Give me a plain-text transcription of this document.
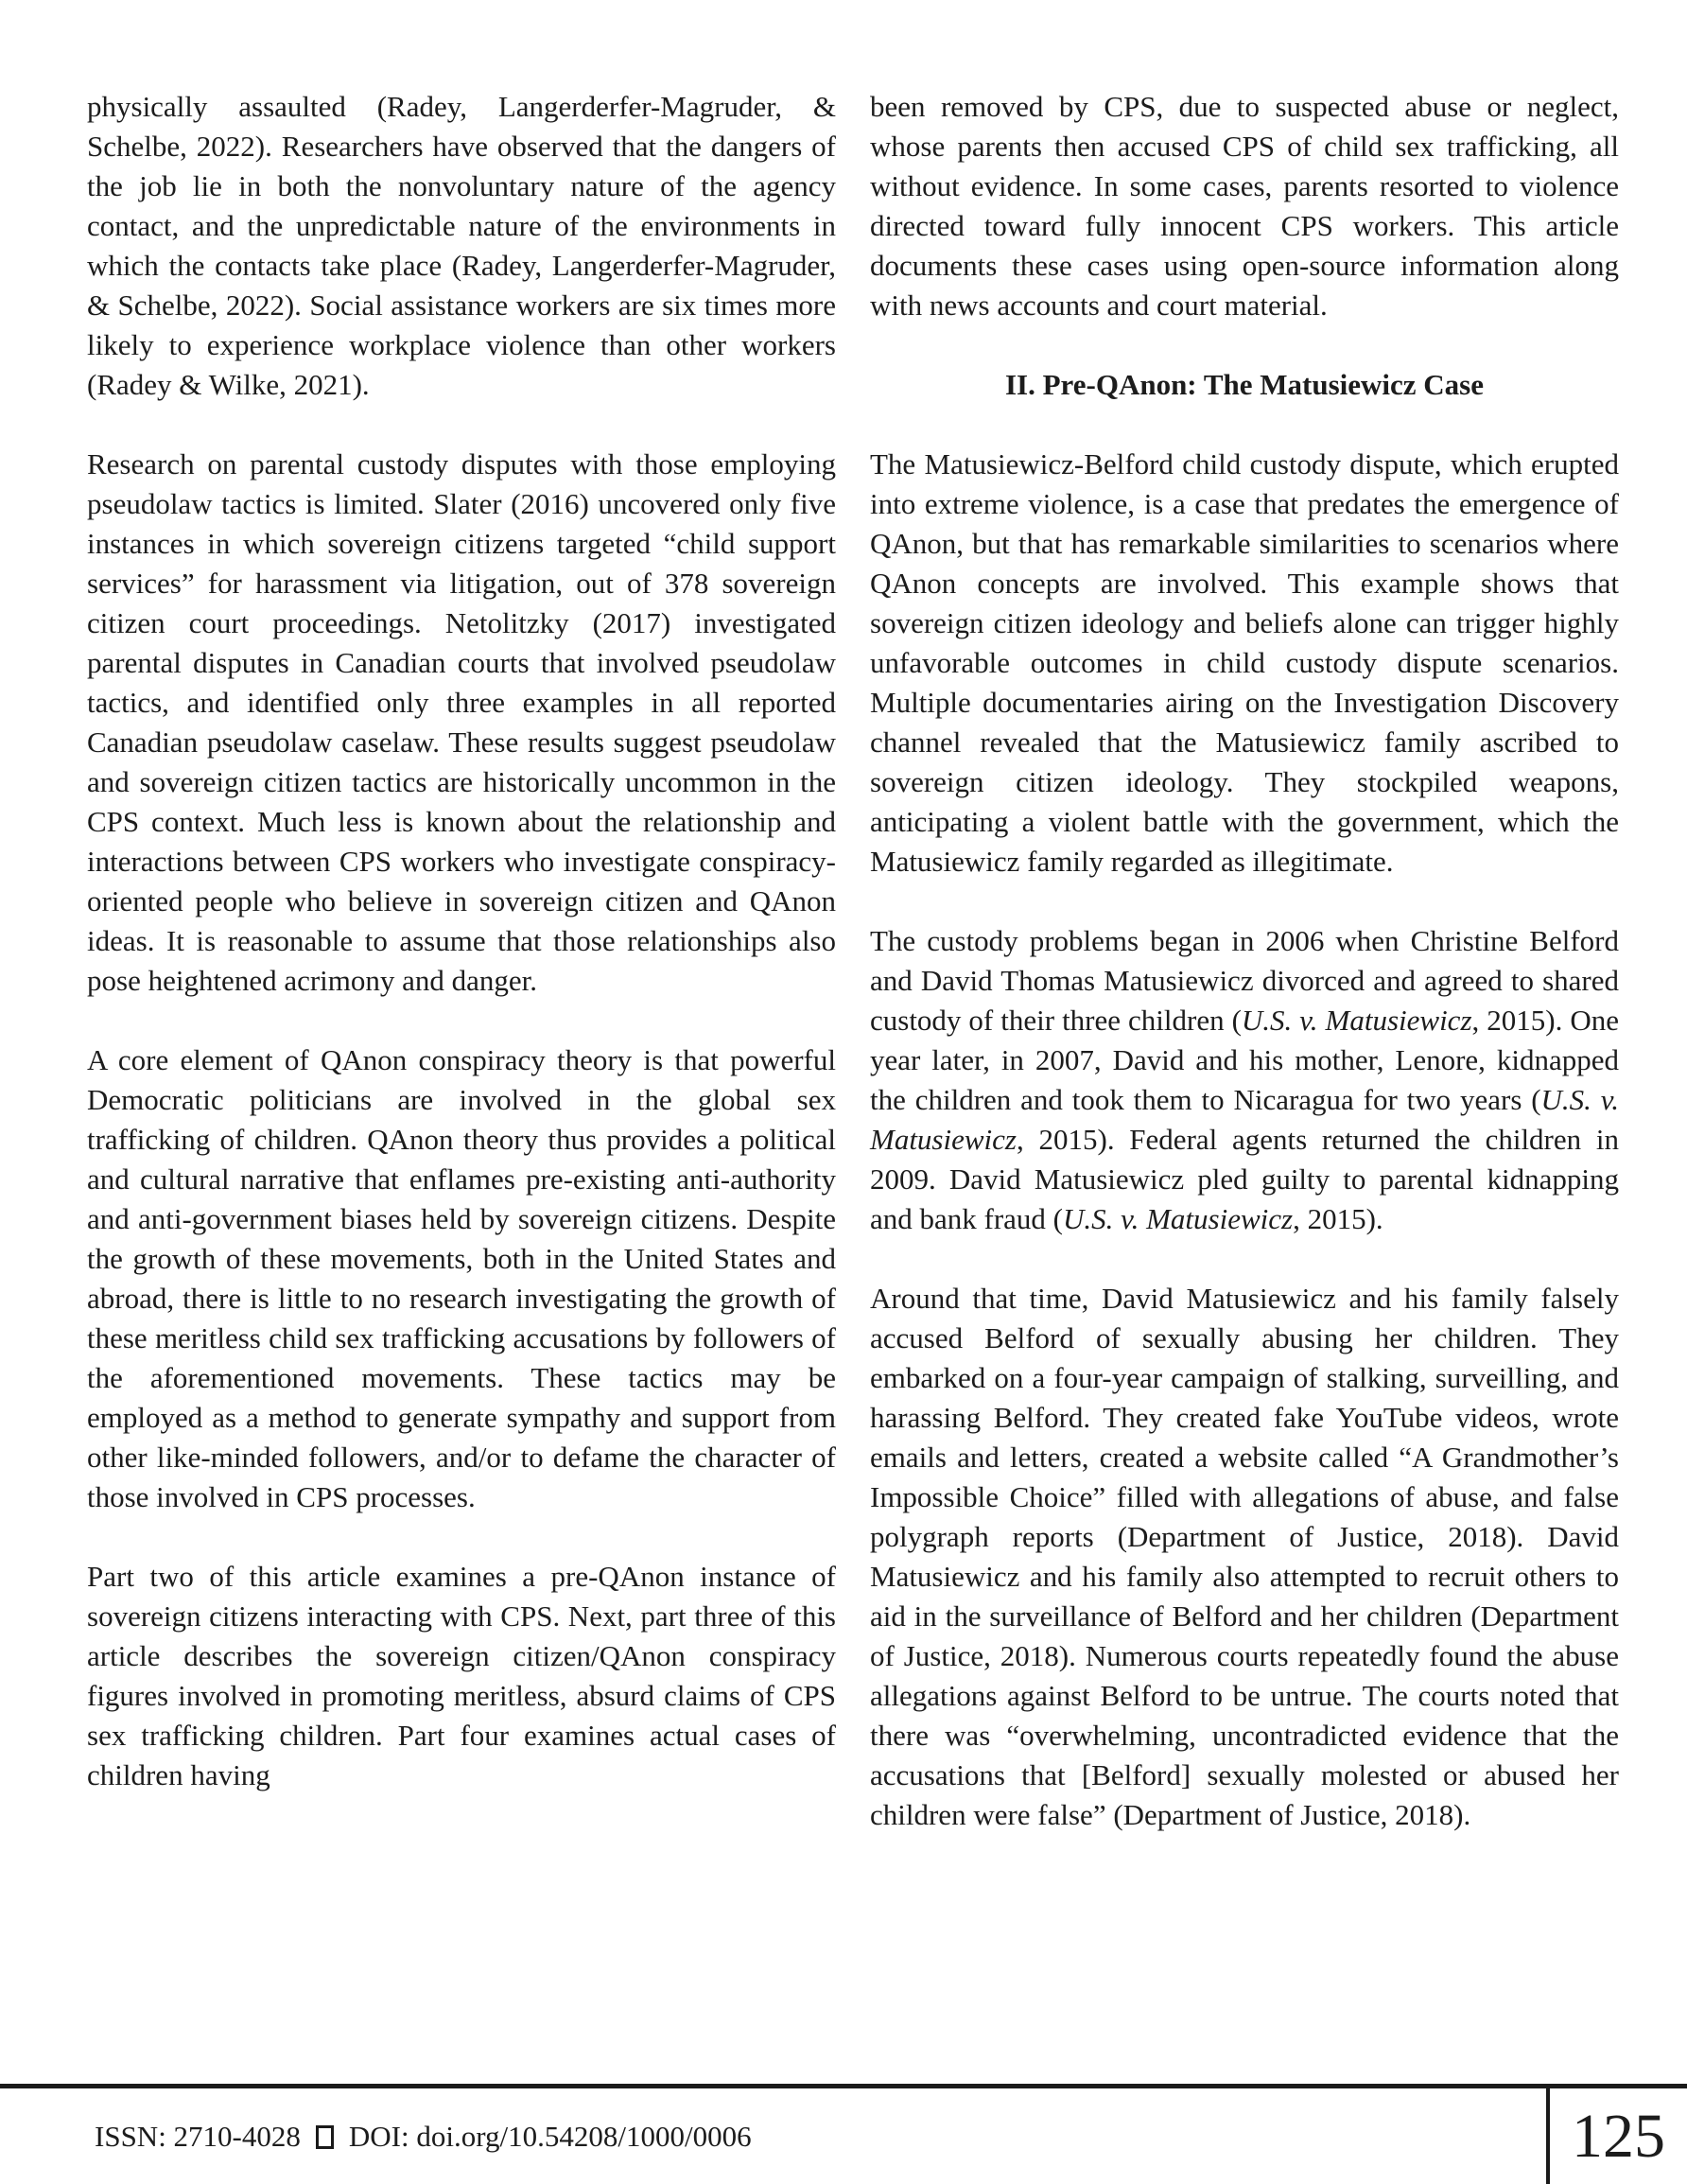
physically assaulted (Radey, Langerderfer-Magruder, & Schelbe, 2022). Researchers have observed that the dangers of the job lie in both the nonvoluntary nature of the agency contact, and the unpredictable nature of the environments in which the contacts take place (Radey, Langerderfer-Magruder, & Schelbe, 2022). Social assistance workers are six times more likely to experience workplace violence than other workers (Radey & Wilke, 2021).

Research on parental custody disputes with those employing pseudolaw tactics is limited. Slater (2016) uncovered only five instances in which sovereign citizens targeted “child support services” for harassment via litigation, out of 378 sovereign citizen court proceedings. Netolitzky (2017) investigated parental disputes in Canadian courts that involved pseudolaw tactics, and identified only three examples in all reported Canadian pseudolaw caselaw. These results suggest pseudolaw and sovereign citizen tactics are historically uncommon in the CPS context. Much less is known about the relationship and interactions between CPS workers who investigate conspiracy-oriented people who believe in sovereign citizen and QAnon ideas. It is reasonable to assume that those relationships also pose heightened acrimony and danger.

A core element of QAnon conspiracy theory is that powerful Democratic politicians are involved in the global sex trafficking of children. QAnon theory thus provides a political and cultural narrative that enflames pre-existing anti-authority and anti-government biases held by sovereign citizens. Despite the growth of these movements, both in the United States and abroad, there is little to no research investigating the growth of these meritless child sex trafficking accusations by followers of the aforementioned movements. These tactics may be employed as a method to generate sympathy and support from other like-minded followers, and/or to defame the character of those involved in CPS processes.

Part two of this article examines a pre-QAnon instance of sovereign citizens interacting with CPS. Next, part three of this article describes the sovereign citizen/QAnon conspiracy figures involved in promoting meritless, absurd claims of CPS sex trafficking children. Part four examines actual cases of children having

been removed by CPS, due to suspected abuse or neglect, whose parents then accused CPS of child sex trafficking, all without evidence. In some cases, parents resorted to violence directed toward fully innocent CPS workers. This article documents these cases using open-source information along with news accounts and court material.

II. Pre-QAnon: The Matusiewicz Case

The Matusiewicz-Belford child custody dispute, which erupted into extreme violence, is a case that predates the emergence of QAnon, but that has remarkable similarities to scenarios where QAnon concepts are involved. This example shows that sovereign citizen ideology and beliefs alone can trigger highly unfavorable outcomes in child custody dispute scenarios. Multiple documentaries airing on the Investigation Discovery channel revealed that the Matusiewicz family ascribed to sovereign citizen ideology. They stockpiled weapons, anticipating a violent battle with the government, which the Matusiewicz family regarded as illegitimate.

The custody problems began in 2006 when Christine Belford and David Thomas Matusiewicz divorced and agreed to shared custody of their three children (U.S. v. Matusiewicz, 2015). One year later, in 2007, David and his mother, Lenore, kidnapped the children and took them to Nicaragua for two years (U.S. v. Matusiewicz, 2015). Federal agents returned the children in 2009. David Matusiewicz pled guilty to parental kidnapping and bank fraud (U.S. v. Matusiewicz, 2015).

Around that time, David Matusiewicz and his family falsely accused Belford of sexually abusing her children. They embarked on a four-year campaign of stalking, surveilling, and harassing Belford. They created fake YouTube videos, wrote emails and letters, created a website called “A Grandmother’s Impossible Choice” filled with allegations of abuse, and false polygraph reports (Department of Justice, 2018). David Matusiewicz and his family also attempted to recruit others to aid in the surveillance of Belford and her children (Department of Justice, 2018). Numerous courts repeatedly found the abuse allegations against Belford to be untrue. The courts noted that there was “overwhelming, uncontradicted evidence that the accusations that [Belford] sexually molested or abused her children were false” (Department of Justice, 2018).

ISSN: 2710-4028 DOI: doi.org/10.54208/1000/0006	125
